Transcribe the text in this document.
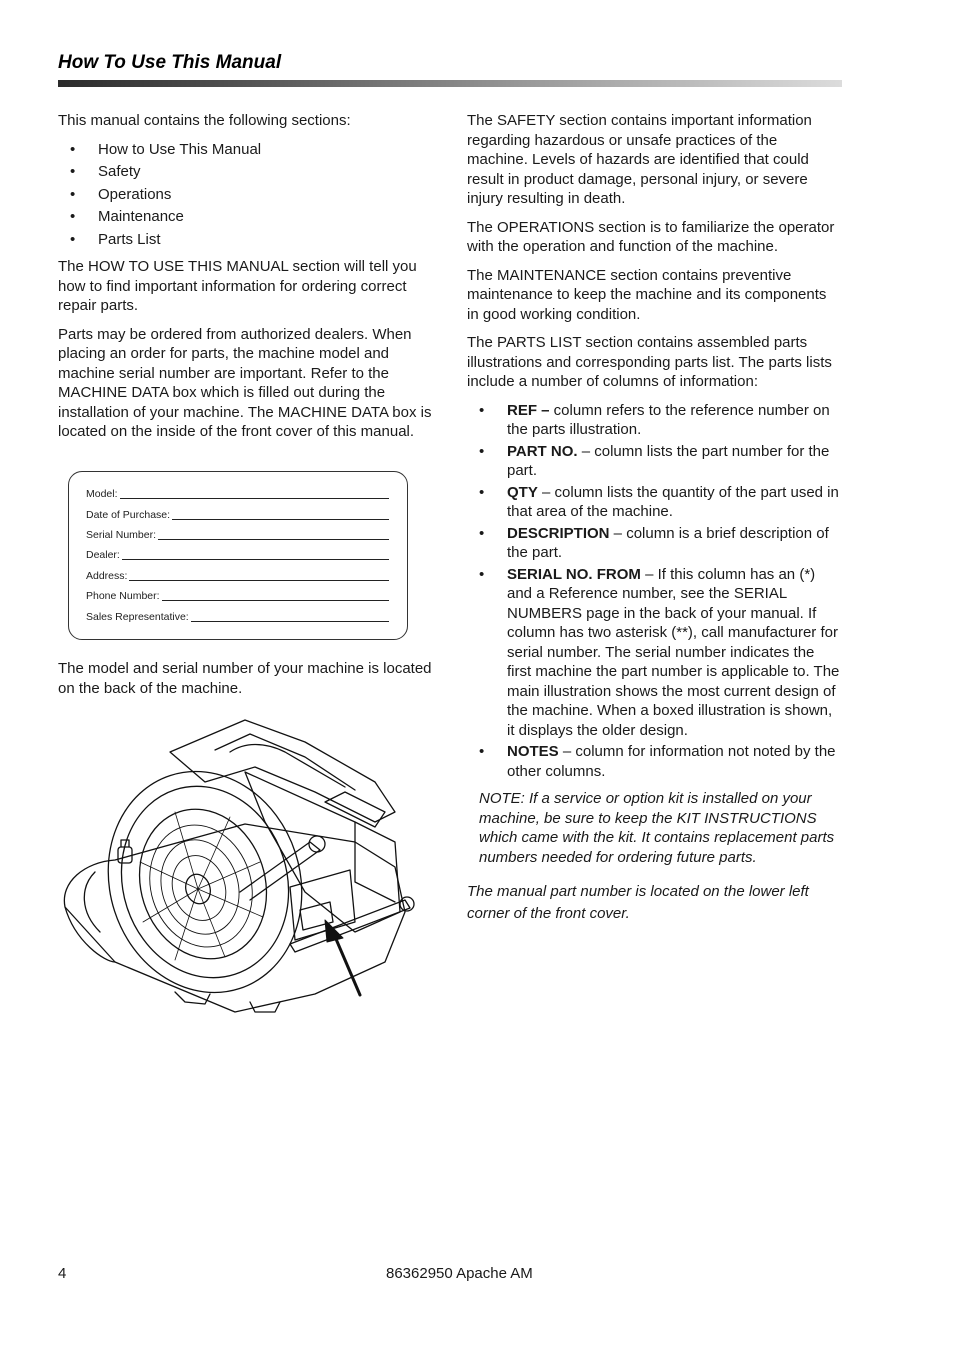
How To Use This Manual

This manual contains the following sections:

• How to Use This Manual
• Safety
• Operations
• Maintenance
• Parts List

The HOW TO USE THIS MANUAL section will tell you how to find important information for ordering correct repair parts.

Parts may be ordered from authorized dealers. When placing an order for parts, the machine model and machine serial number are important. Refer to the MACHINE DATA box which is filled out during the installation of your machine. The MACHINE DATA box is located on the inside of the front cover of this manual.

Model:
Date of Purchase:
Serial Number:
Dealer:
Address:
Phone Number:
Sales Representative:

The model and serial number of your machine is located on the back of the machine.

The SAFETY section contains important information regarding hazardous or unsafe practices of the machine. Levels of hazards are identified that could result in product damage, personal injury, or severe injury resulting in death.

The OPERATIONS section is to familiarize the operator with the operation and function of the machine.

The MAINTENANCE section contains preventive maintenance to keep the machine and its components in good working condition.

The PARTS LIST section contains assembled parts illustrations and corresponding parts list. The parts lists include a number of columns of information:

• REF – column refers to the reference number on the parts illustration.
• PART NO. – column lists the part number for the part.
• QTY – column lists the quantity of the part used in that area of the machine.
• DESCRIPTION – column is a brief description of the part.
• SERIAL NO. FROM – If this column has an (*) and a Reference number, see the SERIAL NUMBERS page in the back of your manual. If column has two asterisk (**), call manufacturer for serial number. The serial number indicates the first machine the part number is applicable to. The main illustration shows the most current design of the machine. When a boxed illustration is shown, it displays the older design.
• NOTES – column for information not noted by the other columns.

NOTE: If a service or option kit is installed on your machine, be sure to keep the KIT INSTRUCTIONS which came with the kit. It contains replacement parts numbers needed for ordering future parts.

The manual part number is located on the lower left corner of the front cover.

4	86362950 Apache AM
